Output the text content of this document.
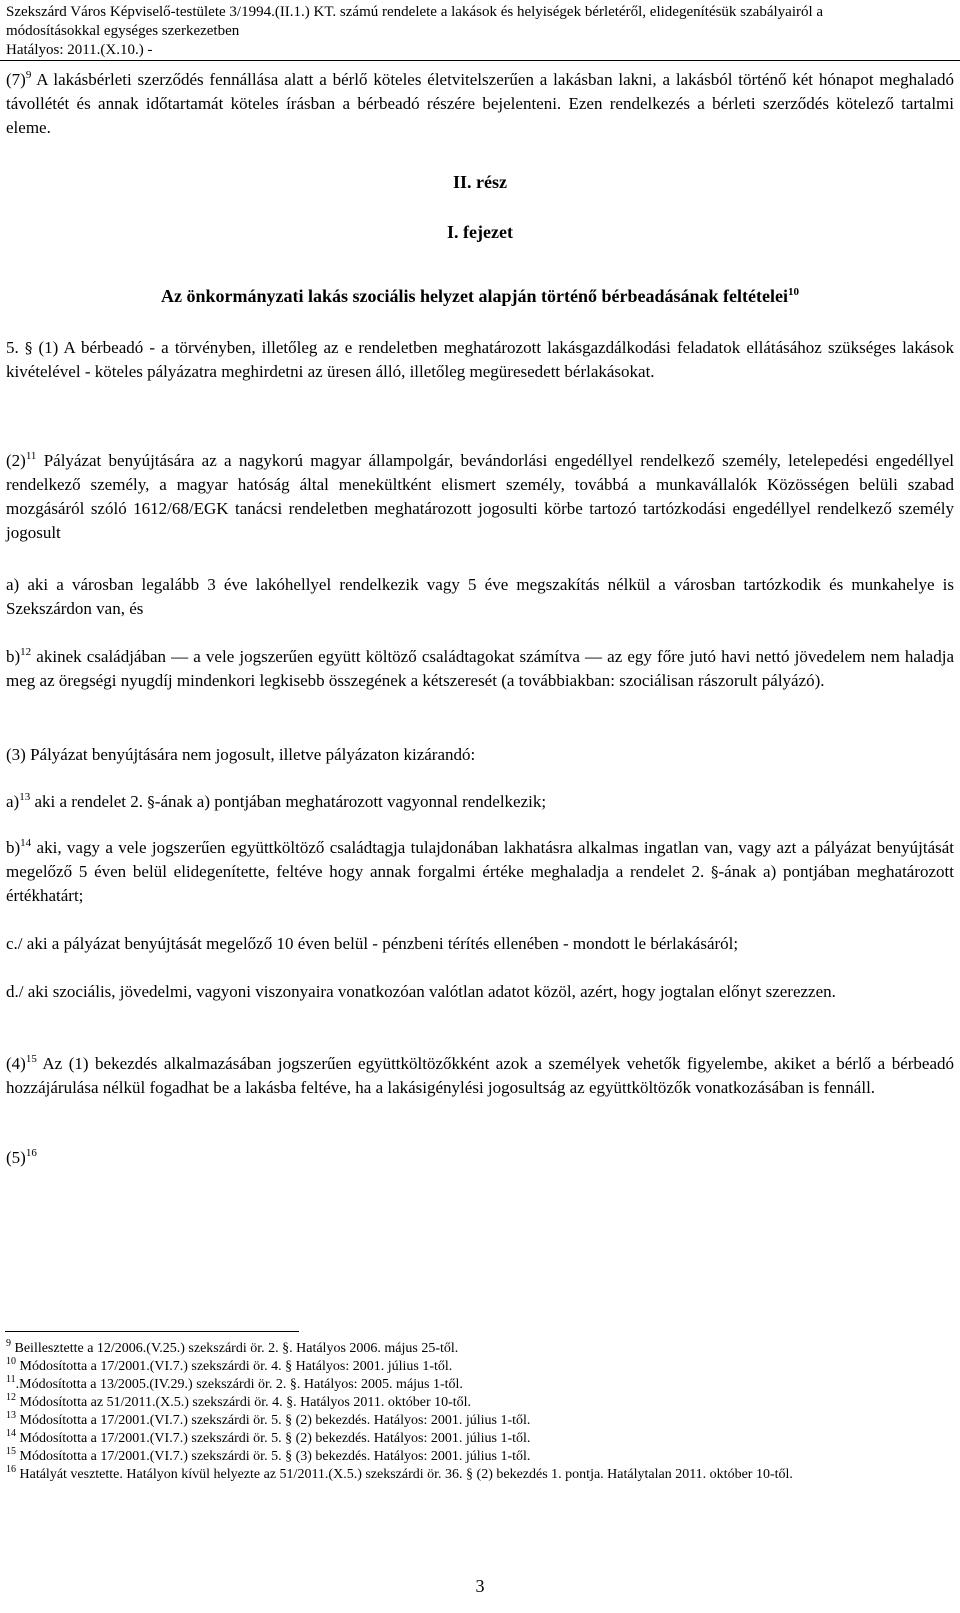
Szekszárd Város Képviselő-testülete 3/1994.(II.1.) KT. számú rendelete a lakások és helyiségek bérletéről, elidegenítésük szabályairól a
módosításokkal egységes szerkezetben
Hatályos: 2011.(X.10.) -

$(7)^9$ A lakásbérleti szerződés fennállása alatt a bérlő köteles életvitelszerűen a lakásban lakni, a lakásból történő két hónapot meghaladó távollétét és annak időtartamát köteles írásban a bérbeadó részére bejelenteni. Ezen rendelkezés a bérleti szerződés kötelező tartalmi eleme.

II. rész
I. fejezet
Az önkormányzati lakás szociális helyzet alapján történő bérbeadásának feltételei$^{10}$

5. § (1) A bérbeadó - a törvényben, illetőleg az e rendeletben meghatározott lakásgazdálkodási feladatok ellátásához szükséges lakások kivételével - köteles pályázatra meghirdetni az üresen álló, illetőleg megüresedett bérlakásokat.

$(2)^{11}$ Pályázat benyújtására az a nagykorú magyar állampolgár, bevándorlási engedéllyel rendelkező személy, letelepedési engedéllyel rendelkező személy, a magyar hatóság által menekültként elismert személy, továbbá a munkavállalók Közösségen belüli szabad mozgásáról szóló 1612/68/EGK tanácsi rendeletben meghatározott jogosulti körbe tartozó tartózkodási engedéllyel rendelkező személy jogosult

a) aki a városban legalább 3 éve lakóhellyel rendelkezik vagy 5 éve megszakítás nélkül a városban tartózkodik és munkahelye is Szekszárdon van, és

b)$^{12}$ akinek családjában — a vele jogszerűen együtt költöző családtagokat számítva — az egy főre jutó havi nettó jövedelem nem haladja meg az öregségi nyugdíj mindenkori legkisebb összegének a kétszeresét (a továbbiakban: szociálisan rászorult pályázó).

(3) Pályázat benyújtására nem jogosult, illetve pályázaton kizárandó:

a)$^{13}$ aki a rendelet 2. §-ának a) pontjában meghatározott vagyonnal rendelkezik;

b)$^{14}$ aki, vagy a vele jogszerűen együttköltöző családtagja tulajdonában lakhatásra alkalmas ingatlan van, vagy azt a pályázat benyújtását megelőző 5 éven belül elidegenítette, feltéve hogy annak forgalmi értéke meghaladja a rendelet 2. §-ának a) pontjában meghatározott értékhatárt;

c./ aki a pályázat benyújtását megelőző 10 éven belül - pénzbeni térítés ellenében - mondott le bérlakásáról;

d./ aki szociális, jövedelmi, vagyoni viszonyaira vonatkozóan valótlan adatot közöl, azért, hogy jogtalan előnyt szerezzen.

$(4)^{15}$ Az (1) bekezdés alkalmazásában jogszerűen együttköltözőkként azok a személyek vehetők figyelembe, akiket a bérlő a bérbeadó hozzájárulása nélkül fogadhat be a lakásba feltéve, ha a lakásigénylési jogosultság az együttköltözők vonatkozásában is fennáll.

$(5)^{16}$

$^9$ Beillesztette a 12/2006.(V.25.) szekszárdi ör. 2. §. Hatályos 2006. május 25-től.
$^{10}$ Módosította a 17/2001.(VI.7.) szekszárdi ör. 4. § Hatályos: 2001. július 1-től.
$^{11}$.Módosította a 13/2005.(IV.29.) szekszárdi ör. 2. §. Hatályos: 2005. május 1-től.
$^{12}$ Módosította az 51/2011.(X.5.) szekszárdi ör. 4. §. Hatályos 2011. október 10-től.
$^{13}$ Módosította a 17/2001.(VI.7.) szekszárdi ör. 5. § (2) bekezdés. Hatályos: 2001. július 1-től.
$^{14}$ Módosította a 17/2001.(VI.7.) szekszárdi ör. 5. § (2) bekezdés. Hatályos: 2001. július 1-től.
$^{15}$ Módosította a 17/2001.(VI.7.) szekszárdi ör. 5. § (3) bekezdés. Hatályos: 2001. július 1-től.
$^{16}$ Hatályát vesztette. Hatályon kívül helyezte az 51/2011.(X.5.) szekszárdi ör. 36. § (2) bekezdés 1. pontja. Hatálytalan 2011. október 10-től.
3
